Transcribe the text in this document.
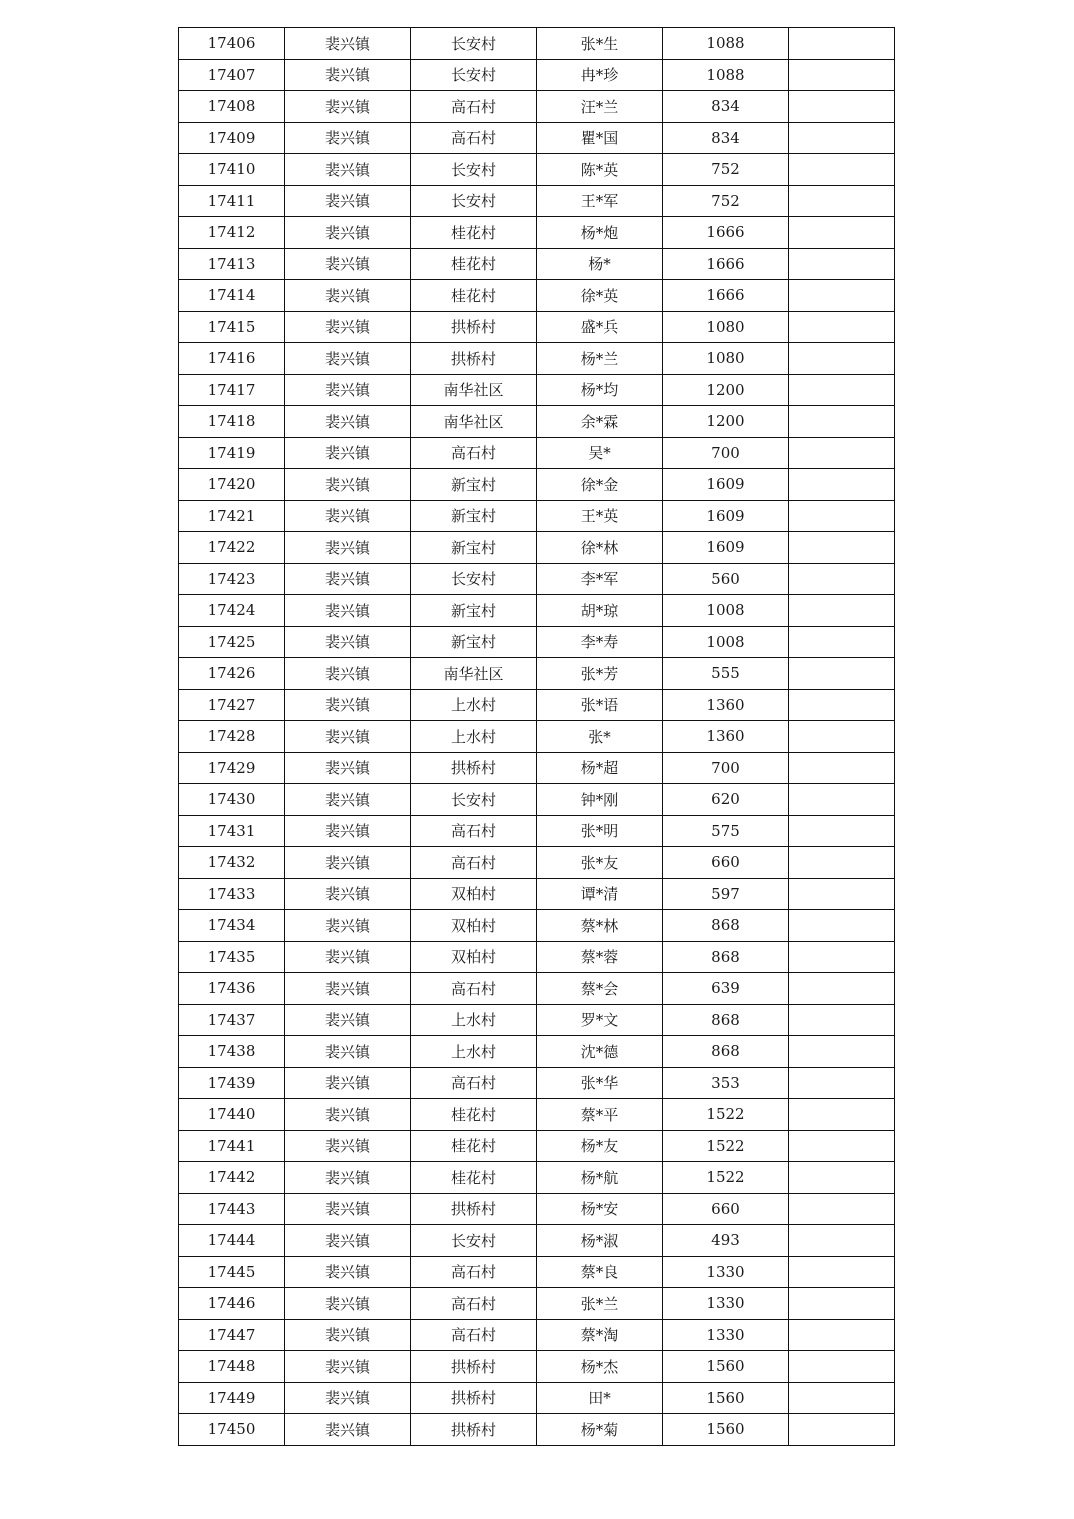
17406	裴兴镇	长安村	张*生	1088	
17407	裴兴镇	长安村	冉*珍	1088	
17408	裴兴镇	高石村	汪*兰	834	
17409	裴兴镇	高石村	瞿*国	834	
17410	裴兴镇	长安村	陈*英	752	
17411	裴兴镇	长安村	王*军	752	
17412	裴兴镇	桂花村	杨*炮	1666	
17413	裴兴镇	桂花村	杨*	1666	
17414	裴兴镇	桂花村	徐*英	1666	
17415	裴兴镇	拱桥村	盛*兵	1080	
17416	裴兴镇	拱桥村	杨*兰	1080	
17417	裴兴镇	南华社区	杨*均	1200	
17418	裴兴镇	南华社区	余*霖	1200	
17419	裴兴镇	高石村	吴*	700	
17420	裴兴镇	新宝村	徐*金	1609	
17421	裴兴镇	新宝村	王*英	1609	
17422	裴兴镇	新宝村	徐*林	1609	
17423	裴兴镇	长安村	李*军	560	
17424	裴兴镇	新宝村	胡*琼	1008	
17425	裴兴镇	新宝村	李*寿	1008	
17426	裴兴镇	南华社区	张*芳	555	
17427	裴兴镇	上水村	张*语	1360	
17428	裴兴镇	上水村	张*	1360	
17429	裴兴镇	拱桥村	杨*超	700	
17430	裴兴镇	长安村	钟*刚	620	
17431	裴兴镇	高石村	张*明	575	
17432	裴兴镇	高石村	张*友	660	
17433	裴兴镇	双柏村	谭*清	597	
17434	裴兴镇	双柏村	蔡*林	868	
17435	裴兴镇	双柏村	蔡*蓉	868	
17436	裴兴镇	高石村	蔡*会	639	
17437	裴兴镇	上水村	罗*文	868	
17438	裴兴镇	上水村	沈*德	868	
17439	裴兴镇	高石村	张*华	353	
17440	裴兴镇	桂花村	蔡*平	1522	
17441	裴兴镇	桂花村	杨*友	1522	
17442	裴兴镇	桂花村	杨*航	1522	
17443	裴兴镇	拱桥村	杨*安	660	
17444	裴兴镇	长安村	杨*淑	493	
17445	裴兴镇	高石村	蔡*良	1330	
17446	裴兴镇	高石村	张*兰	1330	
17447	裴兴镇	高石村	蔡*淘	1330	
17448	裴兴镇	拱桥村	杨*杰	1560	
17449	裴兴镇	拱桥村	田*	1560	
17450	裴兴镇	拱桥村	杨*菊	1560	
